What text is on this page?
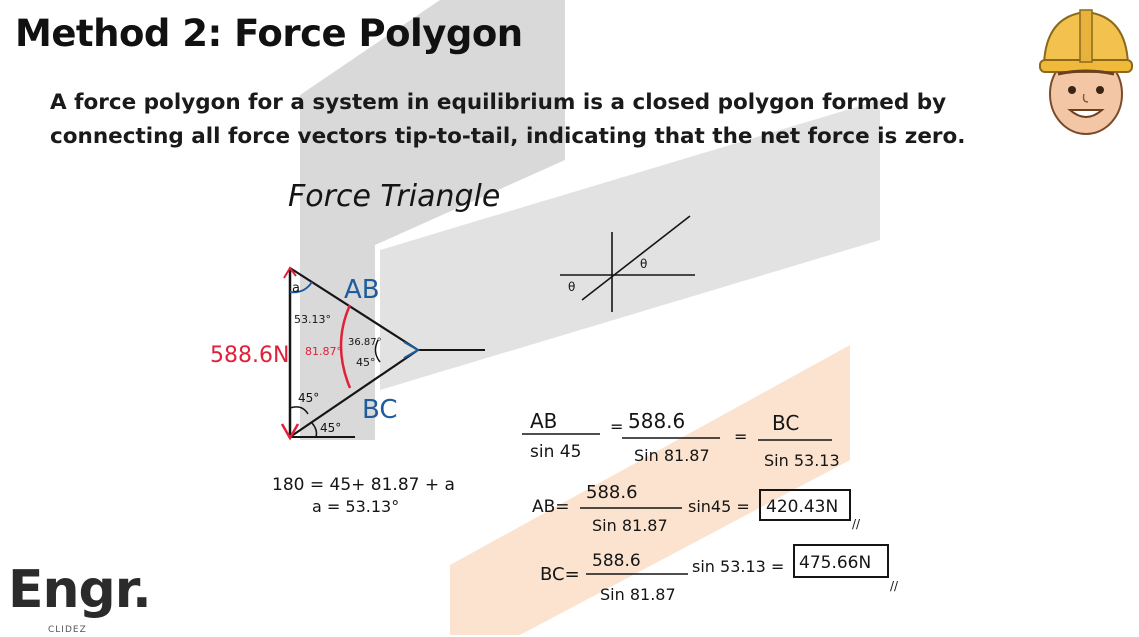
Method 2: Force Polygon

A force polygon for a system in equilibrium is a closed polygon formed by connecting all force vectors tip-to-tail, indicating that the net force is zero.

Force Triangle
AB
BC
588.6N
a
53.13°
81.87°
36.87°
45°
45°
45°
θ
θ
180 = 45+ 81.87 + a
a = 53.13°
AB
sin 45
= 588.6
Sin 81.87
=
BC
Sin 53.13
AB=
588.6
Sin 81.87
sin45 = 420.43N
//
BC=
588.6
Sin 81.87
sin 53.13 = 475.66N
//
Engr.
CLIDEZ
